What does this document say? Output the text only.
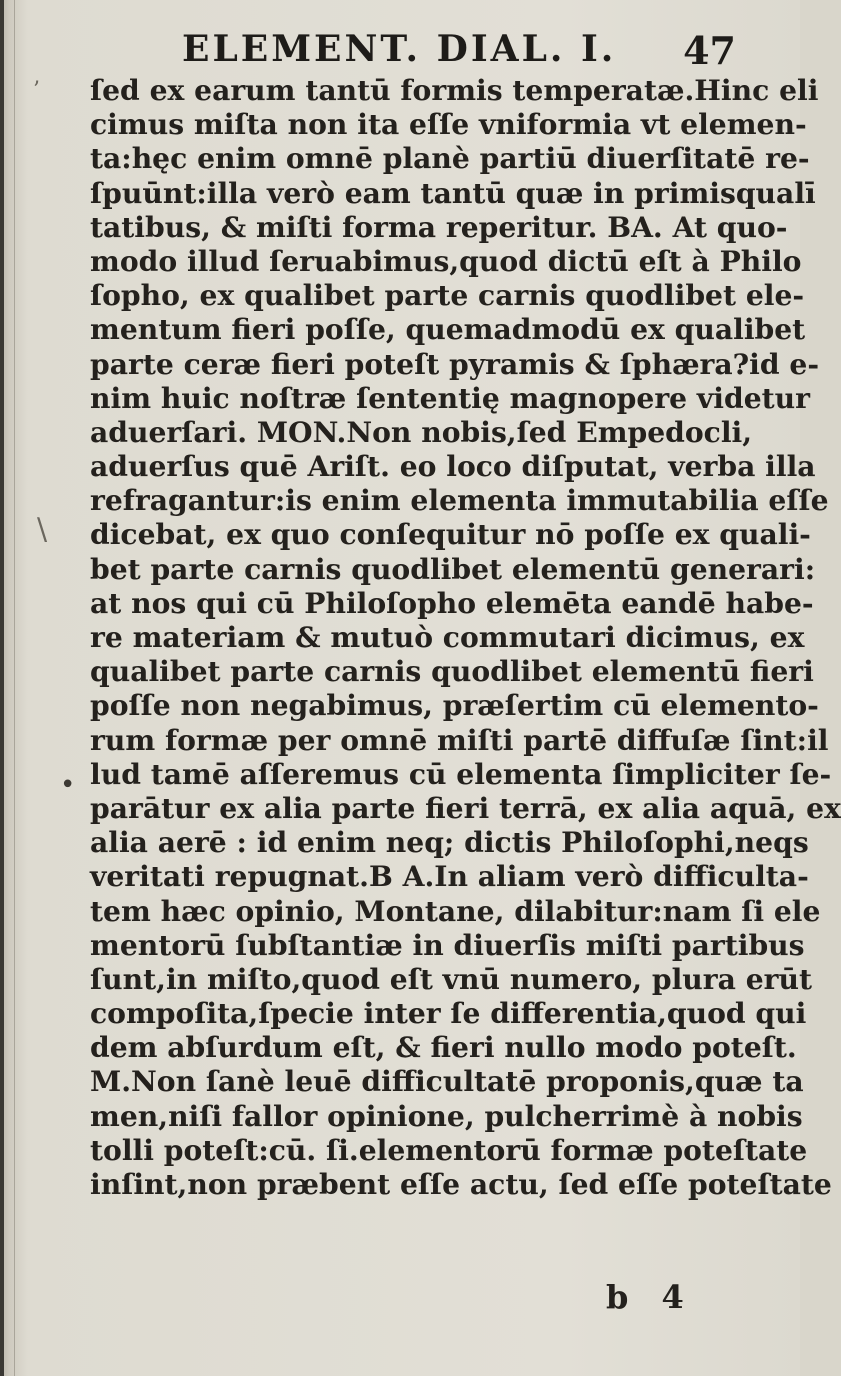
’
\
•
ELEMENT. DIAL. I. 47
ſed ex earum tantū formis temperatæ.Hinc eli
cimus miſta non ita eſſe vniformia vt elemen-
ta:hęc enim omnē planè partiū diuerſitatē re-
ſpuūnt:illa verò eam tantū quæ in primisqualī
tatibus, & miſti forma reperitur. BA. At quo-
modo illud ſeruabimus,quod dictū eſt à Philo
ſopho, ex qualibet parte carnis quodlibet ele-
mentum fieri poſſe, quemadmodū ex qualibet
parte ceræ fieri poteſt pyramis & ſphæra?id e-
nim huic noſtræ ſententię magnopere videtur
aduerſari. MON.Non nobis,ſed Empedocli,
aduerſus quē Ariſt. eo loco diſputat, verba illa
refragantur:is enim elementa immutabilia eſſe
dicebat, ex quo conſequitur nō poſſe ex quali-
bet parte carnis quodlibet elementū generari:
at nos qui cū Philoſopho elemēta eandē habe-
re materiam & mutuò commutari dicimus, ex
qualibet parte carnis quodlibet elementū fieri
poſſe non negabimus, præſertim cū elemento-
rum formæ per omnē miſti partē diffuſæ ſint:il
lud tamē aſſeremus cū elementa ſimpliciter ſe-
parātur ex alia parte fieri terrā, ex alia aquā, ex
alia aerē : id enim neq; dictis Philoſophi,neqs
veritati repugnat.B A.In aliam verò difficulta-
tem hæc opinio, Montane, dilabitur:nam ſi ele
mentorū ſubſtantiæ in diuerſis miſti partibus
ſunt,in miſto,quod eſt vnū numero, plura erūt
compoſita,ſpecie inter ſe differentia,quod qui
dem abſurdum eſt, & fieri nullo modo poteſt.
M.Non ſanè leuē difficultatē proponis,quæ ta
men,niſi fallor opinione, pulcherrimè à nobis
tolli poteſt:cū. ſi.elementorū formæ poteſtate
inſint,non præbent eſſe actu, ſed eſſe poteſtate
b 4
